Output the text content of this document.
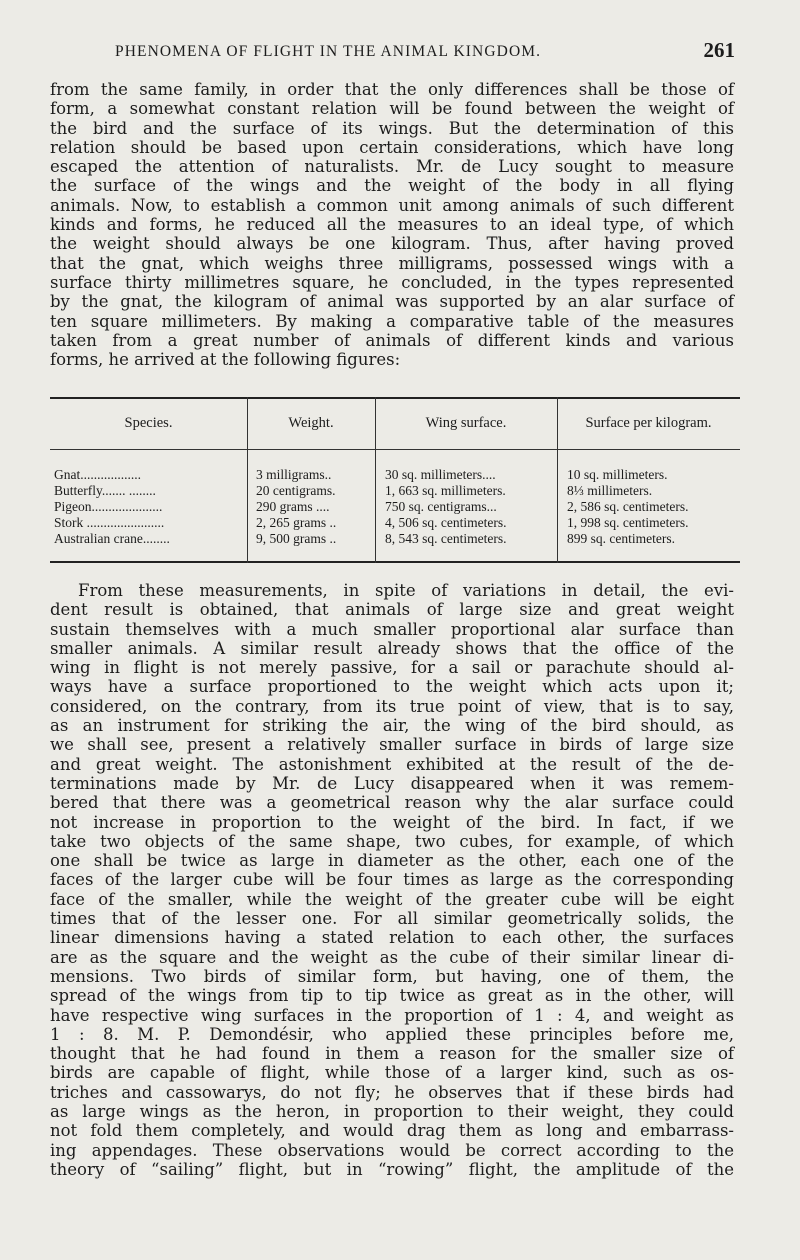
PHENOMENA OF FLIGHT IN THE ANIMAL KINGDOM.	261
from the same family, in order that the only differences shall be those of
form, a somewhat constant relation will be found between the weight of
the bird and the surface of its wings. But the determination of this
relation should be based upon certain considerations, which have long
escaped the attention of naturalists. Mr. de Lucy sought to measure
the surface of the wings and the weight of the body in all flying
animals. Now, to establish a common unit among animals of such different
kinds and forms, he reduced all the measures to an ideal type, of which
the weight should always be one kilogram. Thus, after having proved
that the gnat, which weighs three milligrams, possessed wings with a
surface thirty millimetres square, he concluded, in the types represented
by the gnat, the kilogram of animal was supported by an alar surface of
ten square millimeters. By making a comparative table of the measures
taken from a great number of animals of different kinds and various
forms, he arrived at the following figures:
Species.	Weight.	Wing surface.	Surface per kilogram.
Gnat..................	3 milligrams..	30 sq. millimeters....	10 sq. millimeters.
Butterfly....... ........	20 centigrams.	1, 663 sq. millimeters.	8⅓ millimeters.
Pigeon.....................	290 grams ....	750 sq. centigrams...	2, 586 sq. centimeters.
Stork .......................	2, 265 grams ..	4, 506 sq. centimeters.	1, 998 sq. centimeters.
Australian crane........	9, 500 grams ..	8, 543 sq. centimeters.	899 sq. centimeters.
From these measurements, in spite of variations in detail, the evi-
dent result is obtained, that animals of large size and great weight
sustain themselves with a much smaller proportional alar surface than
smaller animals. A similar result already shows that the office of the
wing in flight is not merely passive, for a sail or parachute should al-
ways have a surface proportioned to the weight which acts upon it;
considered, on the contrary, from its true point of view, that is to say,
as an instrument for striking the air, the wing of the bird should, as
we shall see, present a relatively smaller surface in birds of large size
and great weight. The astonishment exhibited at the result of the de-
terminations made by Mr. de Lucy disappeared when it was remem-
bered that there was a geometrical reason why the alar surface could
not increase in proportion to the weight of the bird. In fact, if we
take two objects of the same shape, two cubes, for example, of which
one shall be twice as large in diameter as the other, each one of the
faces of the larger cube will be four times as large as the corresponding
face of the smaller, while the weight of the greater cube will be eight
times that of the lesser one. For all similar geometrically solids, the
linear dimensions having a stated relation to each other, the surfaces
are as the square and the weight as the cube of their similar linear di-
mensions. Two birds of similar form, but having, one of them, the
spread of the wings from tip to tip twice as great as in the other, will
have respective wing surfaces in the proportion of 1 : 4, and weight as
1 : 8. M. P. Demondésir, who applied these principles before me,
thought that he had found in them a reason for the smaller size of
birds are capable of flight, while those of a larger kind, such as os-
triches and cassowarys, do not fly; he observes that if these birds had
as large wings as the heron, in proportion to their weight, they could
not fold them completely, and would drag them as long and embarrass-
ing appendages. These observations would be correct according to the
theory of “sailing” flight, but in “rowing” flight, the amplitude of the
